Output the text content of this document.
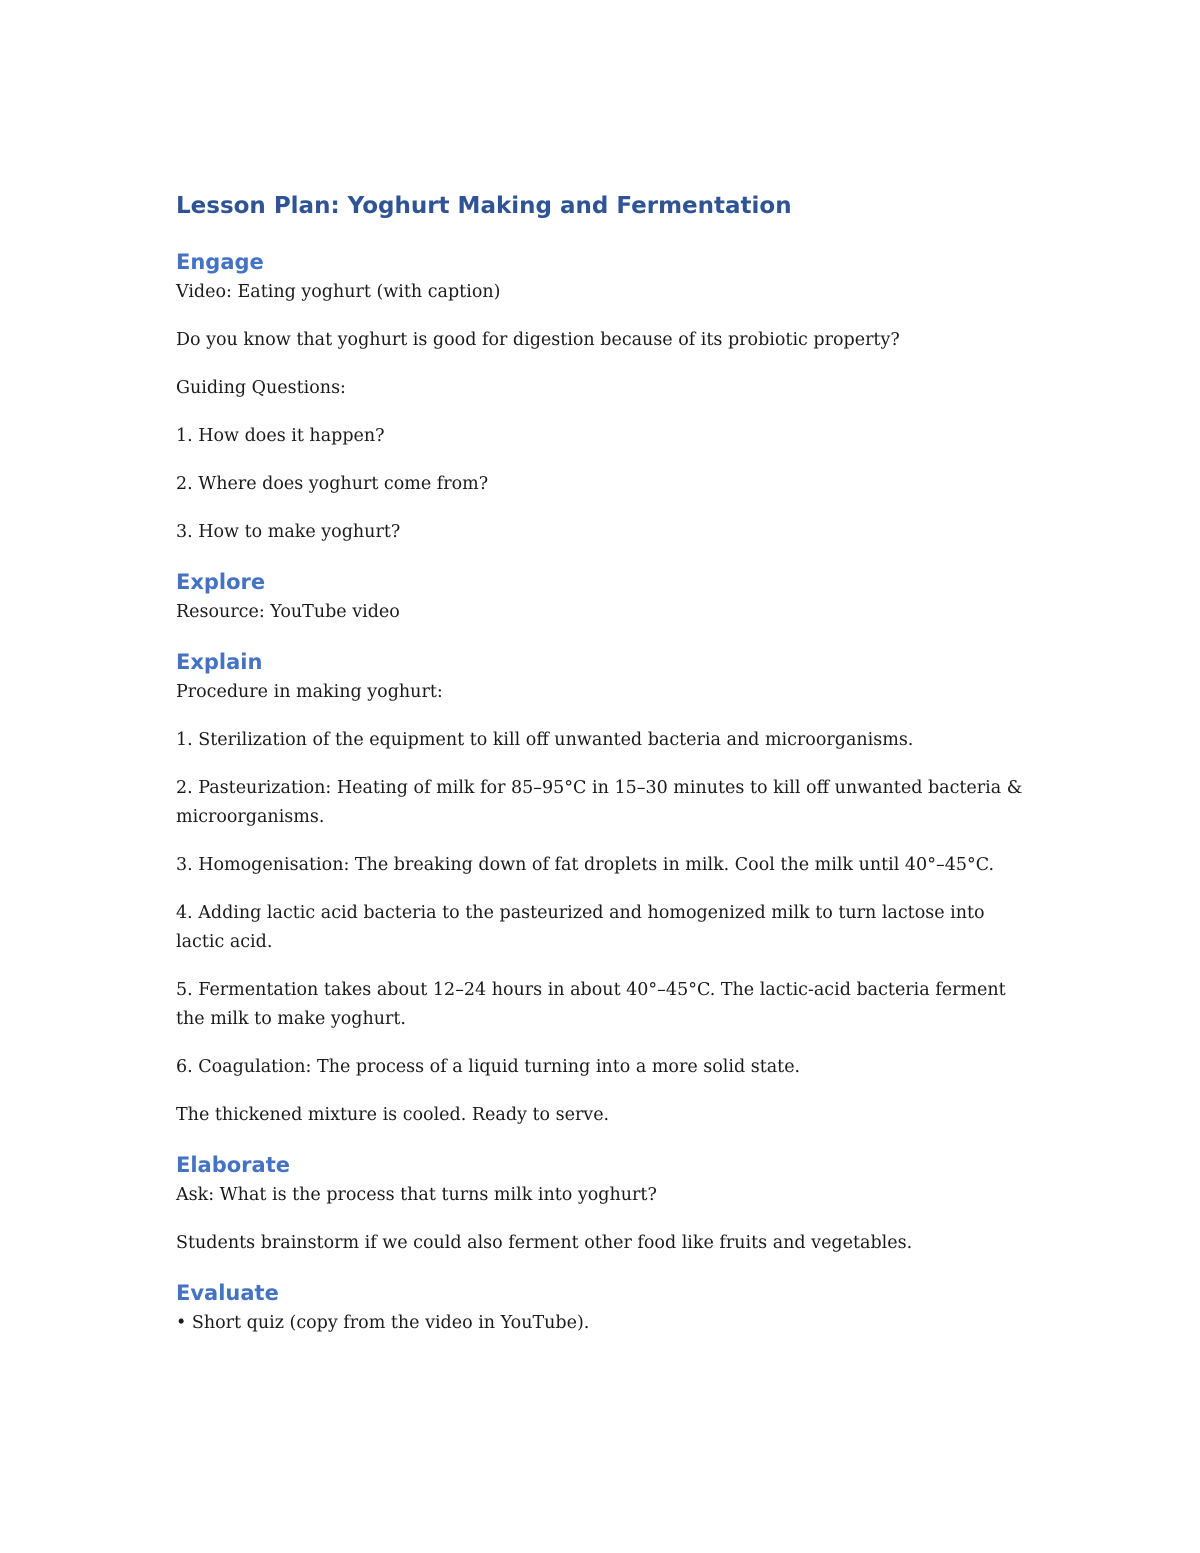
Lesson Plan: Yoghurt Making and Fermentation
Engage

Video: Eating yoghurt (with caption)

Do you know that yoghurt is good for digestion because of its probiotic property?

Guiding Questions:

1. How does it happen?

2. Where does yoghurt come from?

3. How to make yoghurt?

Explore

Resource: YouTube video

Explain

Procedure in making yoghurt:

1. Sterilization of the equipment to kill off unwanted bacteria and microorganisms.

2. Pasteurization: Heating of milk for 85–95°C in 15–30 minutes to kill off unwanted bacteria & microorganisms.

3. Homogenisation: The breaking down of fat droplets in milk. Cool the milk until 40°–45°C.

4. Adding lactic acid bacteria to the pasteurized and homogenized milk to turn lactose into lactic acid.

5. Fermentation takes about 12–24 hours in about 40°–45°C. The lactic-acid bacteria ferment the milk to make yoghurt.

6. Coagulation: The process of a liquid turning into a more solid state.

The thickened mixture is cooled. Ready to serve.

Elaborate

Ask: What is the process that turns milk into yoghurt?

Students brainstorm if we could also ferment other food like fruits and vegetables.

Evaluate

• Short quiz (copy from the video in YouTube).
